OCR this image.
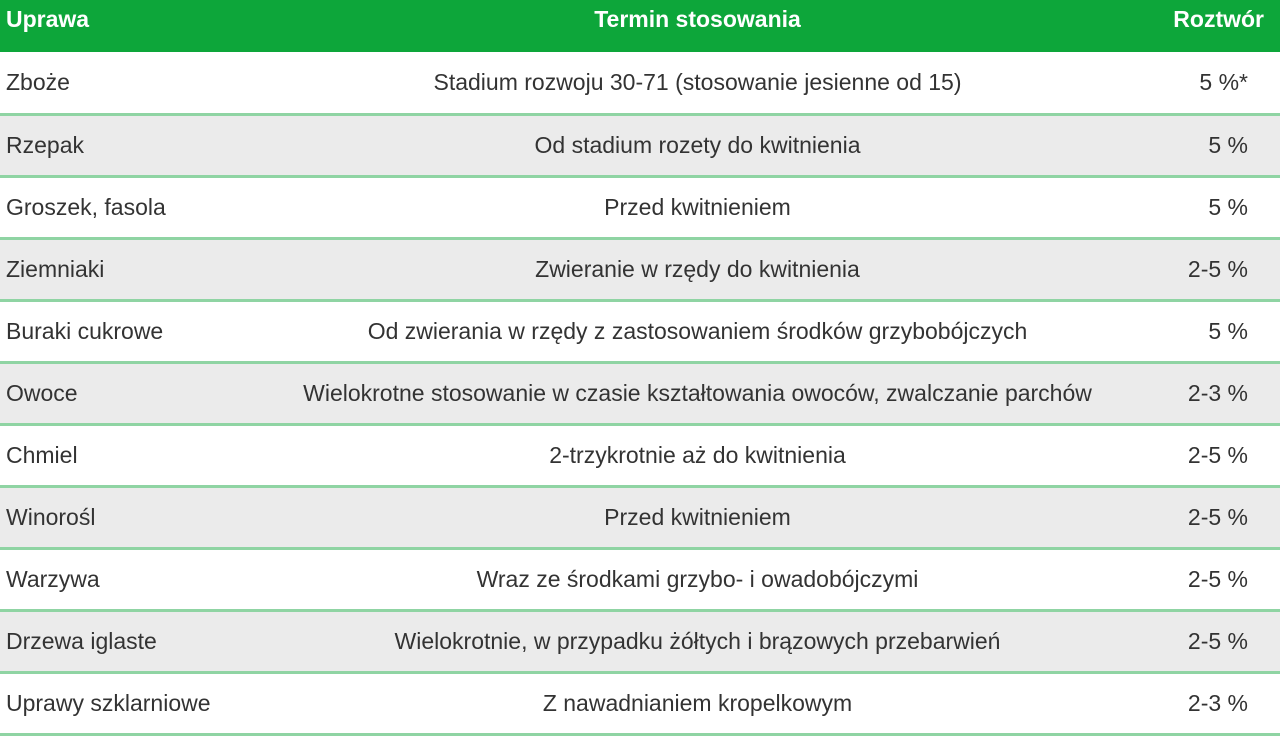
Uprawa	Termin stosowania	Roztwór
Zboże	Stadium rozwoju 30-71 (stosowanie jesienne od 15)	5 %*
Rzepak	Od stadium rozety do kwitnienia	5 %
Groszek, fasola	Przed kwitnieniem	5 %
Ziemniaki	Zwieranie w rzędy do kwitnienia	2-5 %
Buraki cukrowe	Od zwierania w rzędy z zastosowaniem środków grzybobójczych	5 %
Owoce	Wielokrotne stosowanie w czasie kształtowania owoców, zwalczanie parchów	2-3 %
Chmiel	2-trzykrotnie aż do kwitnienia	2-5 %
Winorośl	Przed kwitnieniem	2-5 %
Warzywa	Wraz ze środkami grzybo- i owadobójczymi	2-5 %
Drzewa iglaste	Wielokrotnie, w przypadku żółtych i brązowych przebarwień	2-5 %
Uprawy szklarniowe	Z nawadnianiem kropelkowym	2-3 %
